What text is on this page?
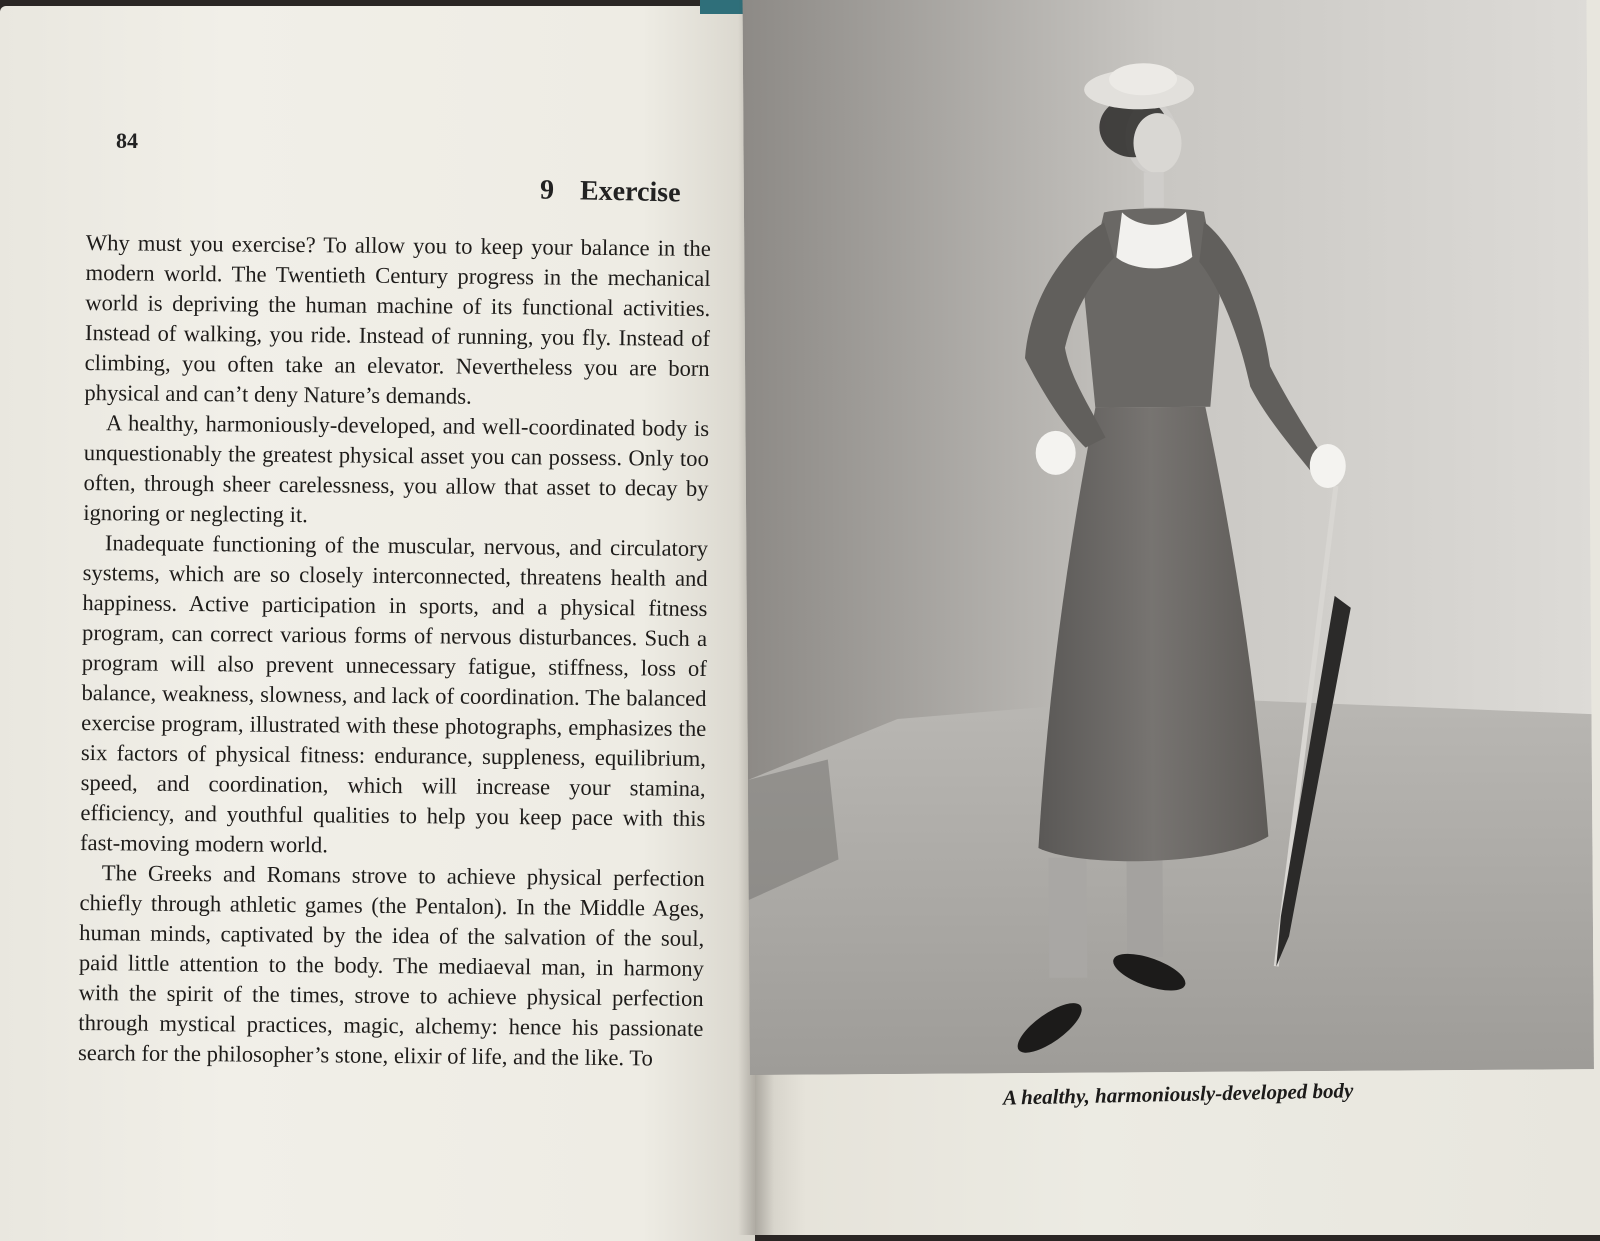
84
9 Exercise

Why must you exercise? To allow you to keep your balance in the modern world. The Twentieth Century progress in the mechanical world is depriving the human machine of its functional activities. Instead of walking, you ride. Instead of running, you fly. Instead of climbing, you often take an elevator. Nevertheless you are born physical and can’t deny Nature’s demands.

A healthy, harmoniously-developed, and well-coordinated body is unquestionably the greatest physical asset you can possess. Only too often, through sheer carelessness, you allow that asset to decay by ignoring or neglecting it.

Inadequate functioning of the muscular, nervous, and circulatory systems, which are so closely interconnected, threatens health and happiness. Active participation in sports, and a physical fitness program, can correct various forms of nervous disturbances. Such a program will also prevent unnecessary fatigue, stiffness, loss of balance, weakness, slowness, and lack of coordination. The balanced exercise program, illustrated with these photographs, emphasizes the six factors of physical fitness: endurance, suppleness, equilibrium, speed, and coordination, which will increase your stamina, efficiency, and youthful qualities to help you keep pace with this fast-moving modern world.

The Greeks and Romans strove to achieve physical perfection chiefly through athletic games (the Pentalon). In the Middle Ages, human minds, captivated by the idea of the salvation of the soul, paid little attention to the body. The mediaeval man, in harmony with the spirit of the times, strove to achieve physical perfection through mystical practices, magic, alchemy: hence his passionate search for the philosopher’s stone, elixir of life, and the like. To

A healthy, harmoniously-developed body
